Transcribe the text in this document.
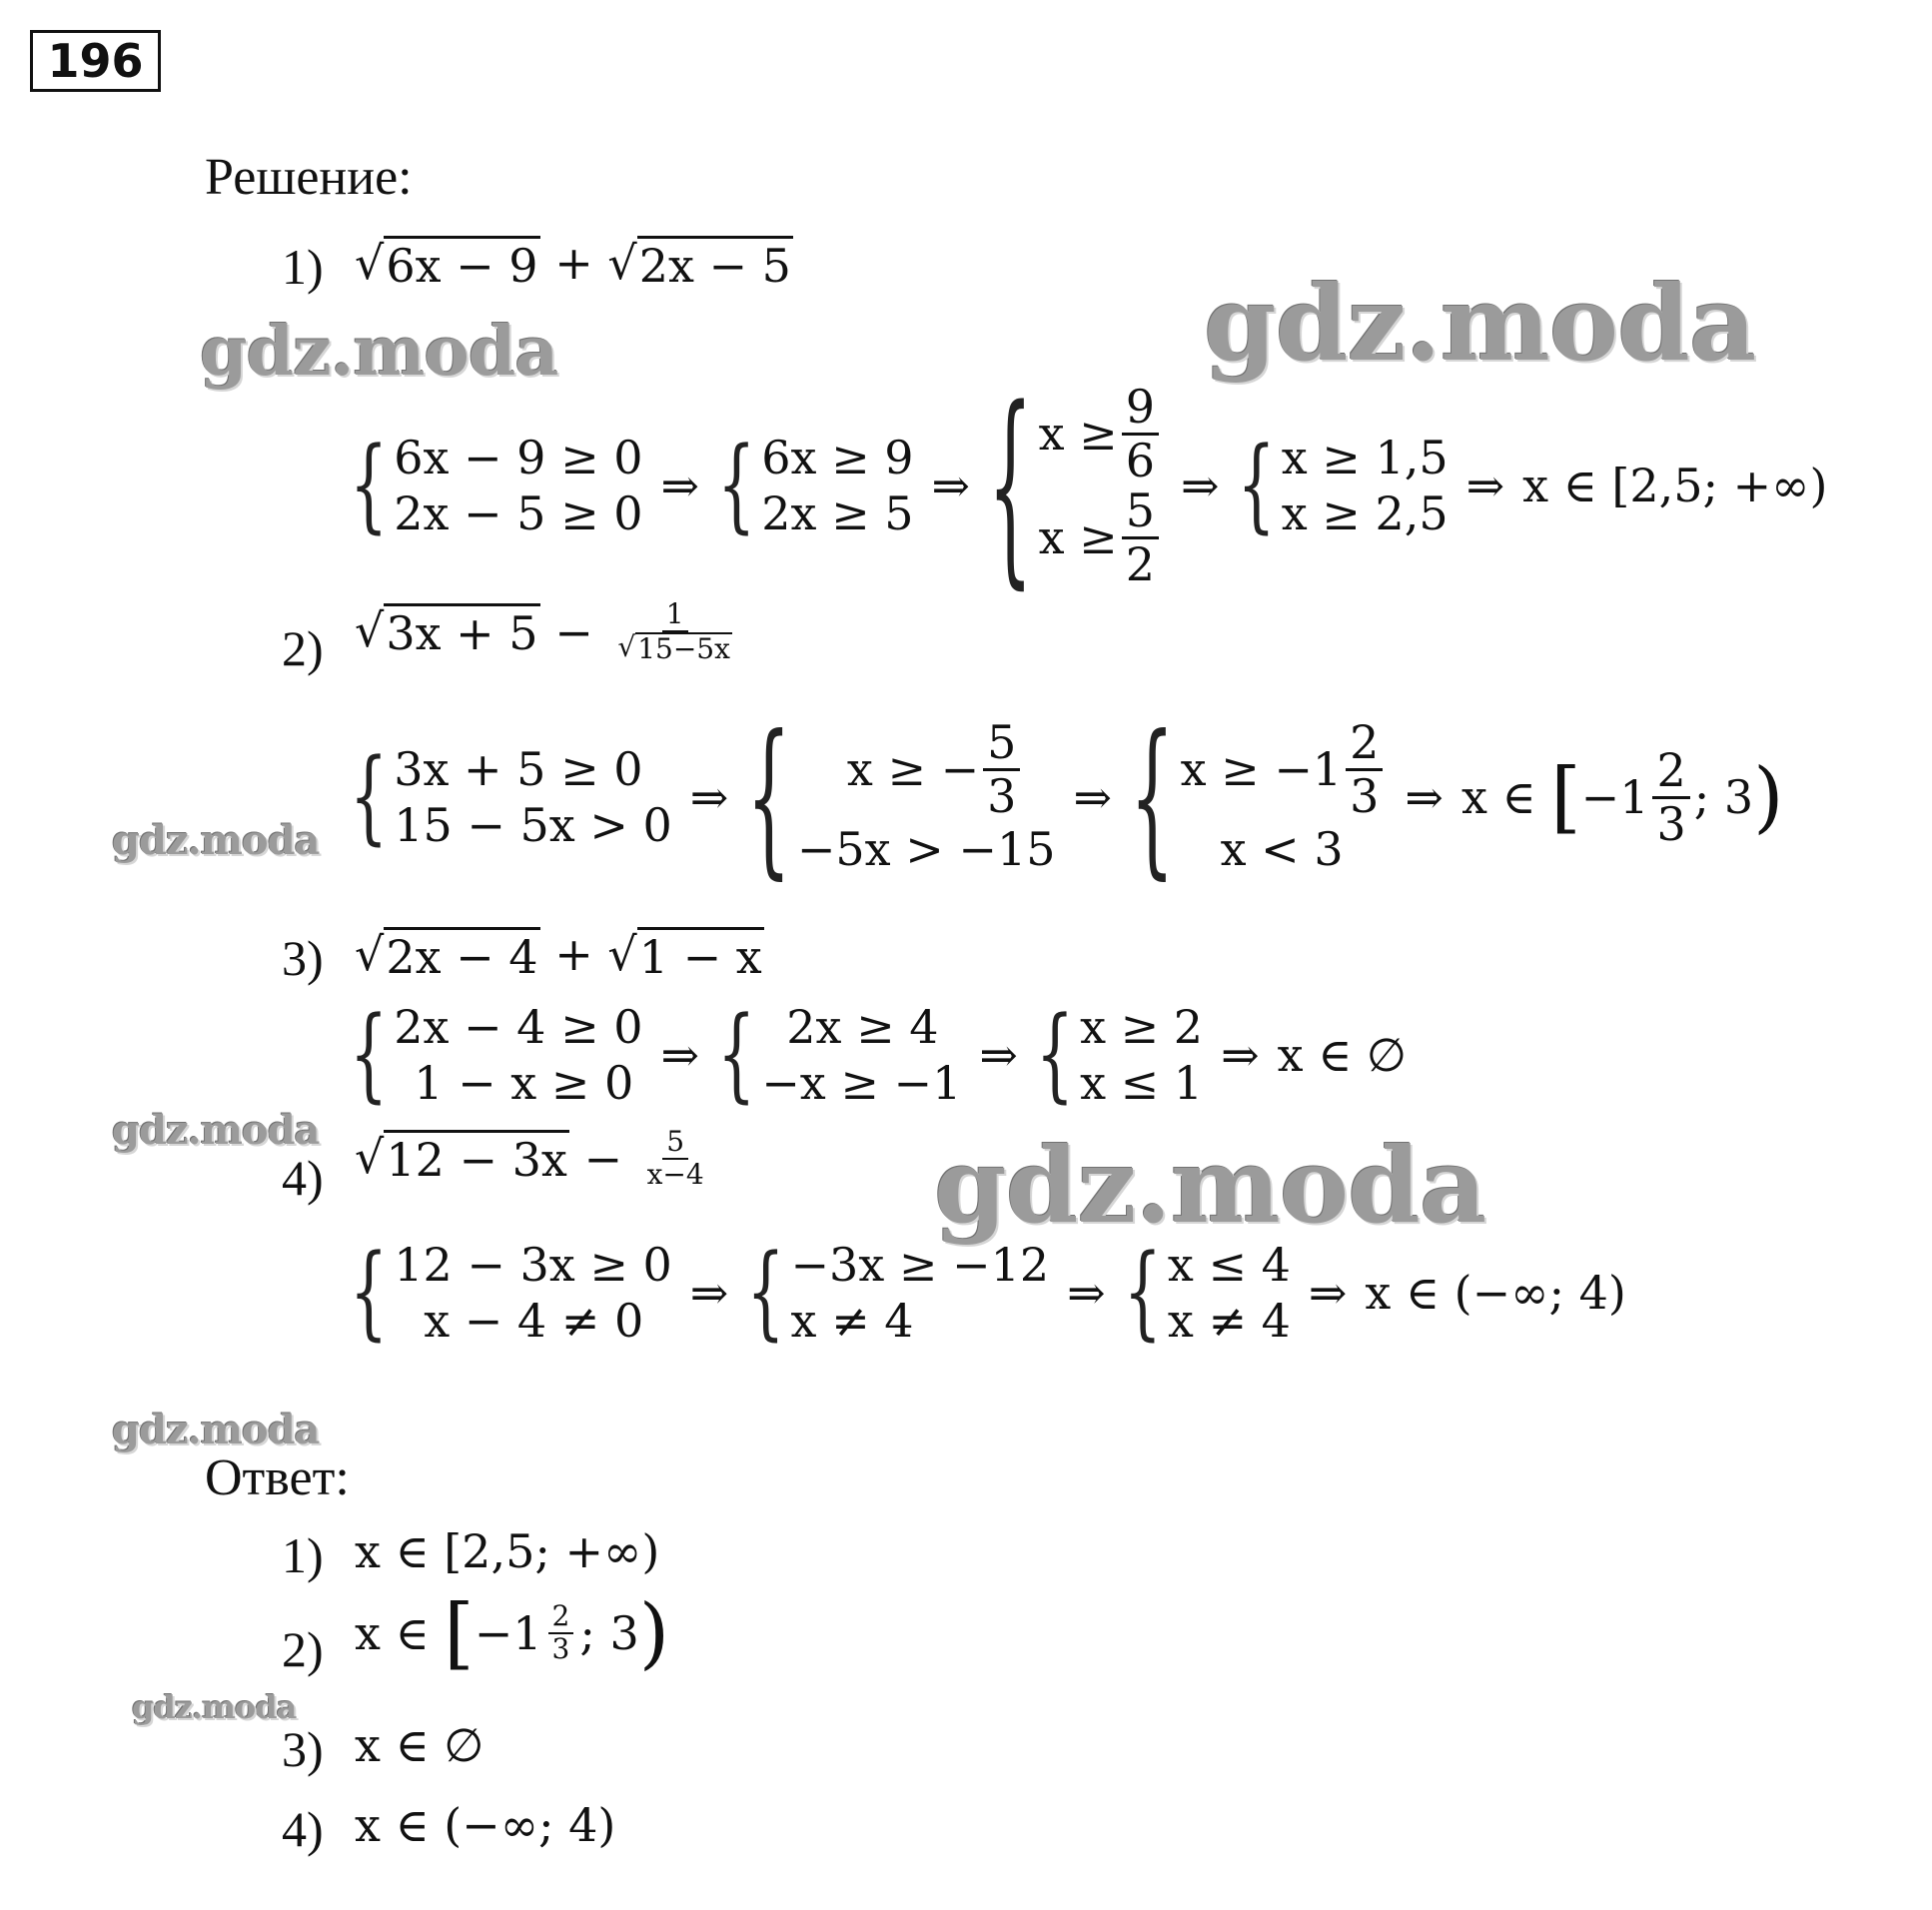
196
Решение:
1) √ 6x − 9 + √ 2x − 5
{ 6x − 9 ≥ 0
2x − 5 ≥ 0
⇒ { 6x ≥ 9
2x ≥ 5
⇒ { $x \ge \frac{9}{6}$
$x \ge \frac{5}{2}$ ⇒ { x ≥ 1,5
x ≥ 2,5
⇒ x ∈ [2,5; +∞)
2) √ $3x + 5 - \frac{1}{√ 15-5x}$
{ 3x + 5 ≥ 0
15 − 5x > 0
⇒ { x ≥ − $\frac{5}{3}$
−5x > −15
⇒ { $x \ge -1 \frac{2}{3}$
x < 3
⇒ x ∈ [ $-1 \frac{2}{3}$ ; 3 )
3) √ 2x − 4 + √ 1 − x
{ 2x − 4 ≥ 0
1 − x ≥ 0
⇒ { 2x ≥ 4
−x ≥ −1
⇒ { x ≥ 2
x ≤ 1
⇒ x ∈ ∅
4) √ $12 - 3x - \frac{5}{x-4}$
{ 12 − 3x ≥ 0
x − 4 ≠ 0
⇒ { −3x ≥ −12
x ≠ 4
⇒ { x ≤ 4
x ≠ 4
⇒ x ∈ (−∞; 4)
Ответ:
1) x ∈ [2,5; +∞)
2) x ∈ [ −1 2
3 ; 3 )
3) x ∈ ∅
4) x ∈ (−∞; 4)
gdz.moda	gdz.moda
gdz.moda
gdz.moda	gdz.moda
gdz.moda
gdz.moda
